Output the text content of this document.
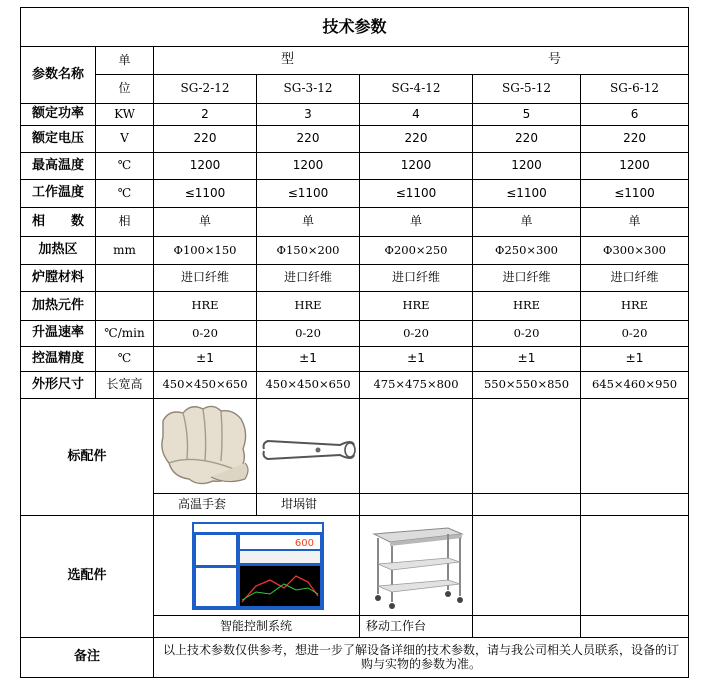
技术参数						
参数名称	单	型 号				

	位	SG-2-12	SG-3-12	SG-4-12	SG-5-12	SG-6-12
额定功率	KW	2	3	4	5	6
额定电压	V	220	220	220	220	220
最高温度	℃	1200	1200	1200	1200	1200
工作温度	℃	≤1100	≤1100	≤1100	≤1100	≤1100
相　　数	相	单	单	单	单	单
加热区	mm	Φ100×150	Φ150×200	Φ200×250	Φ250×300	Φ300×300
炉膛材料		进口纤维	进口纤维	进口纤维	进口纤维	进口纤维
加热元件		HRE	HRE	HRE	HRE	HRE
升温速率	℃/min	0-20	0-20	0-20	0-20	0-20
控温精度	℃	±1	±1	±1	±1	±1
外形尺寸	长宽高	450×450×650	450×450×650	475×475×800	550×550×850	645×460×950
标配件	

		高温手套	坩埚钳			
选配件		600

		智能控制系统		移动工作台		
备注		以上技术参数仅供参考，想进一步了解设备详细的技术参数，请与我公司相关人员联系，设备的订购与实物的参数为准。				
